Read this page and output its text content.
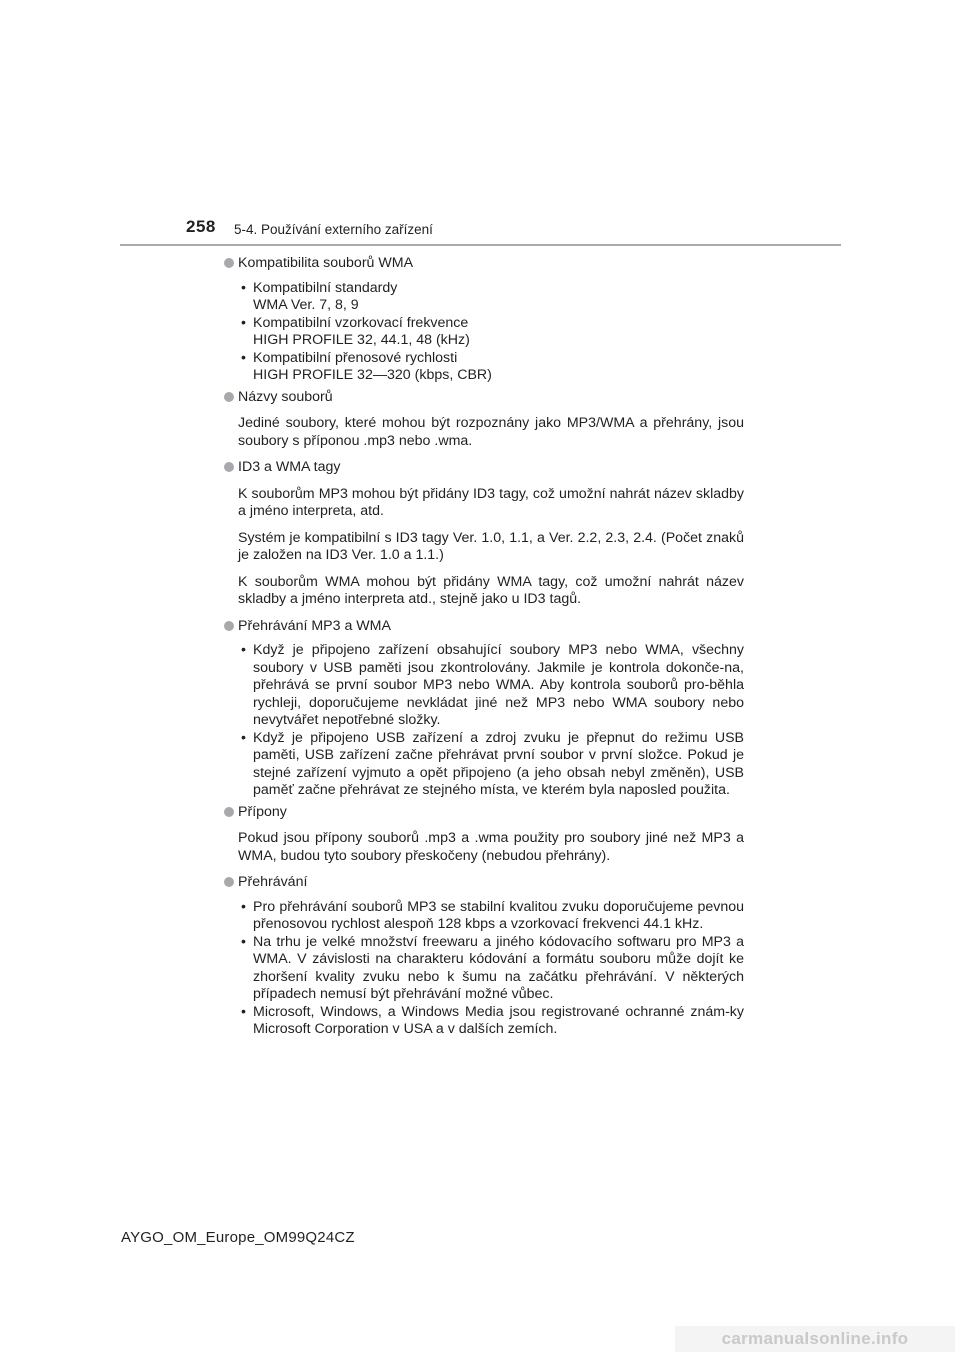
258 5-4. Používání externího zařízení
Kompatibilita souborů WMA
• Kompatibilní standardy
WMA Ver. 7, 8, 9
• Kompatibilní vzorkovací frekvence
HIGH PROFILE 32, 44.1, 48 (kHz)
• Kompatibilní přenosové rychlosti
HIGH PROFILE 32—320 (kbps, CBR)
Názvy souborů

Jediné soubory, které mohou být rozpoznány jako MP3/WMA a přehrány, jsou soubory s příponou .mp3 nebo .wma.

ID3 a WMA tagy

K souborům MP3 mohou být přidány ID3 tagy, což umožní nahrát název skladby a jméno interpreta, atd.

Systém je kompatibilní s ID3 tagy Ver. 1.0, 1.1, a Ver. 2.2, 2.3, 2.4. (Počet znaků je založen na ID3 Ver. 1.0 a 1.1.)

K souborům WMA mohou být přidány WMA tagy, což umožní nahrát název skladby a jméno interpreta atd., stejně jako u ID3 tagů.

Přehrávání MP3 a WMA
• Když je připojeno zařízení obsahující soubory MP3 nebo WMA, všechny soubory v USB paměti jsou zkontrolovány. Jakmile je kontrola dokonče-na, přehrává se první soubor MP3 nebo WMA. Aby kontrola souborů pro-běhla rychleji, doporučujeme nevkládat jiné než MP3 nebo WMA soubory nebo nevytvářet nepotřebné složky.
• Když je připojeno USB zařízení a zdroj zvuku je přepnut do režimu USB paměti, USB zařízení začne přehrávat první soubor v první složce. Pokud je stejné zařízení vyjmuto a opět připojeno (a jeho obsah nebyl změněn), USB paměť začne přehrávat ze stejného místa, ve kterém byla naposled použita.
Přípony

Pokud jsou přípony souborů .mp3 a .wma použity pro soubory jiné než MP3 a WMA, budou tyto soubory přeskočeny (nebudou přehrány).

Přehrávání
• Pro přehrávání souborů MP3 se stabilní kvalitou zvuku doporučujeme pevnou přenosovou rychlost alespoň 128 kbps a vzorkovací frekvenci 44.1 kHz.
• Na trhu je velké množství freewaru a jiného kódovacího softwaru pro MP3 a WMA. V závislosti na charakteru kódování a formátu souboru může dojít ke zhoršení kvality zvuku nebo k šumu na začátku přehrávání. V některých případech nemusí být přehrávání možné vůbec.
• Microsoft, Windows, a Windows Media jsou registrované ochranné znám-ky Microsoft Corporation v USA a v dalších zemích.
AYGO_OM_Europe_OM99Q24CZ
carmanualsonline.info
